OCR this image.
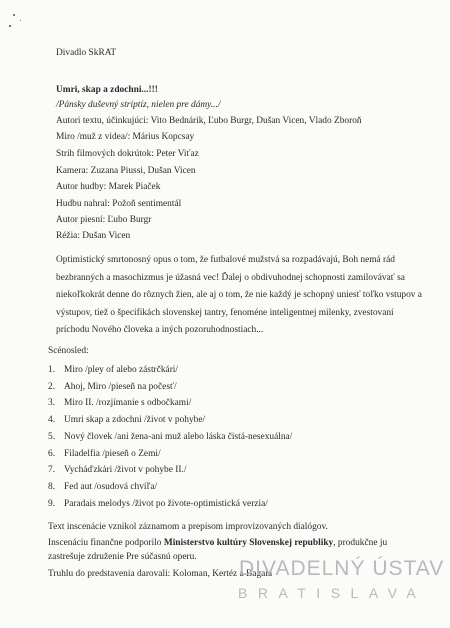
Divadlo SkRAT
Umri, skap a zdochni...!!!
/Pánsky duševný striptíz, nielen pre dámy.../
Autori textu, účinkujúci: Vito Bednárik, Ľubo Burgr, Dušan Vicen, Vlado Zboroň
Miro /muž z videa/: Márius Kopcsay
Strih filmových dokrútok: Peter Viťaz
Kamera: Zuzana Piussi, Dušan Vicen
Autor hudby: Marek Piaček
Hudbu nahral: Požoň sentimentál
Autor piesní: Ľubo Burgr
Réžia: Dušan Vicen
Optimistický smrtonosný opus o tom, že futbalové mužstvá sa rozpadávajú, Boh nemá rád bezbranných a masochizmus je úžasná vec! Ďalej o obdivuhodnej schopnosti zamilovávať sa niekoľkokrát denne do rôznych žien, ale aj o tom, že nie každý je schopný uniesť toľko vstupov a výstupov, tiež o špecifikách slovenskej tantry, fenoméne inteligentnej milenky, zvestovaní príchodu Nového človeka a iných pozoruhodnostiach...
Scénosled:
1. Miro /pley of alebo zástrčkári/
2. Ahoj, Miro /pieseň na počesť/
3. Miro II. /rozjímanie s odbočkami/
4. Umri skap a zdochni /život v pohybe/
5. Nový človek /ani žena-ani muž alebo láska čistá-nesexuálna/
6. Filadelfia /pieseň o Zemi/
7. Vycháďzkári /život v pohybe II./
8. Fed aut /osudová chvíľa/
9. Paradais melodys /život po živote-optimistická verzia/
Text inscenácie vznikol záznamom a prepisom improvizovaných dialógov.
Inscenáciu finančne podporilo Ministerstvo kultúry Slovenskej republiky, produkčne ju
zastrešuje združenie Pre súčasnú operu.
Truhlu do predstavenia darovali: Koloman, Kertéz a Bagala
DIVADELNÝ ÚSTAV
BRATISLAVA
